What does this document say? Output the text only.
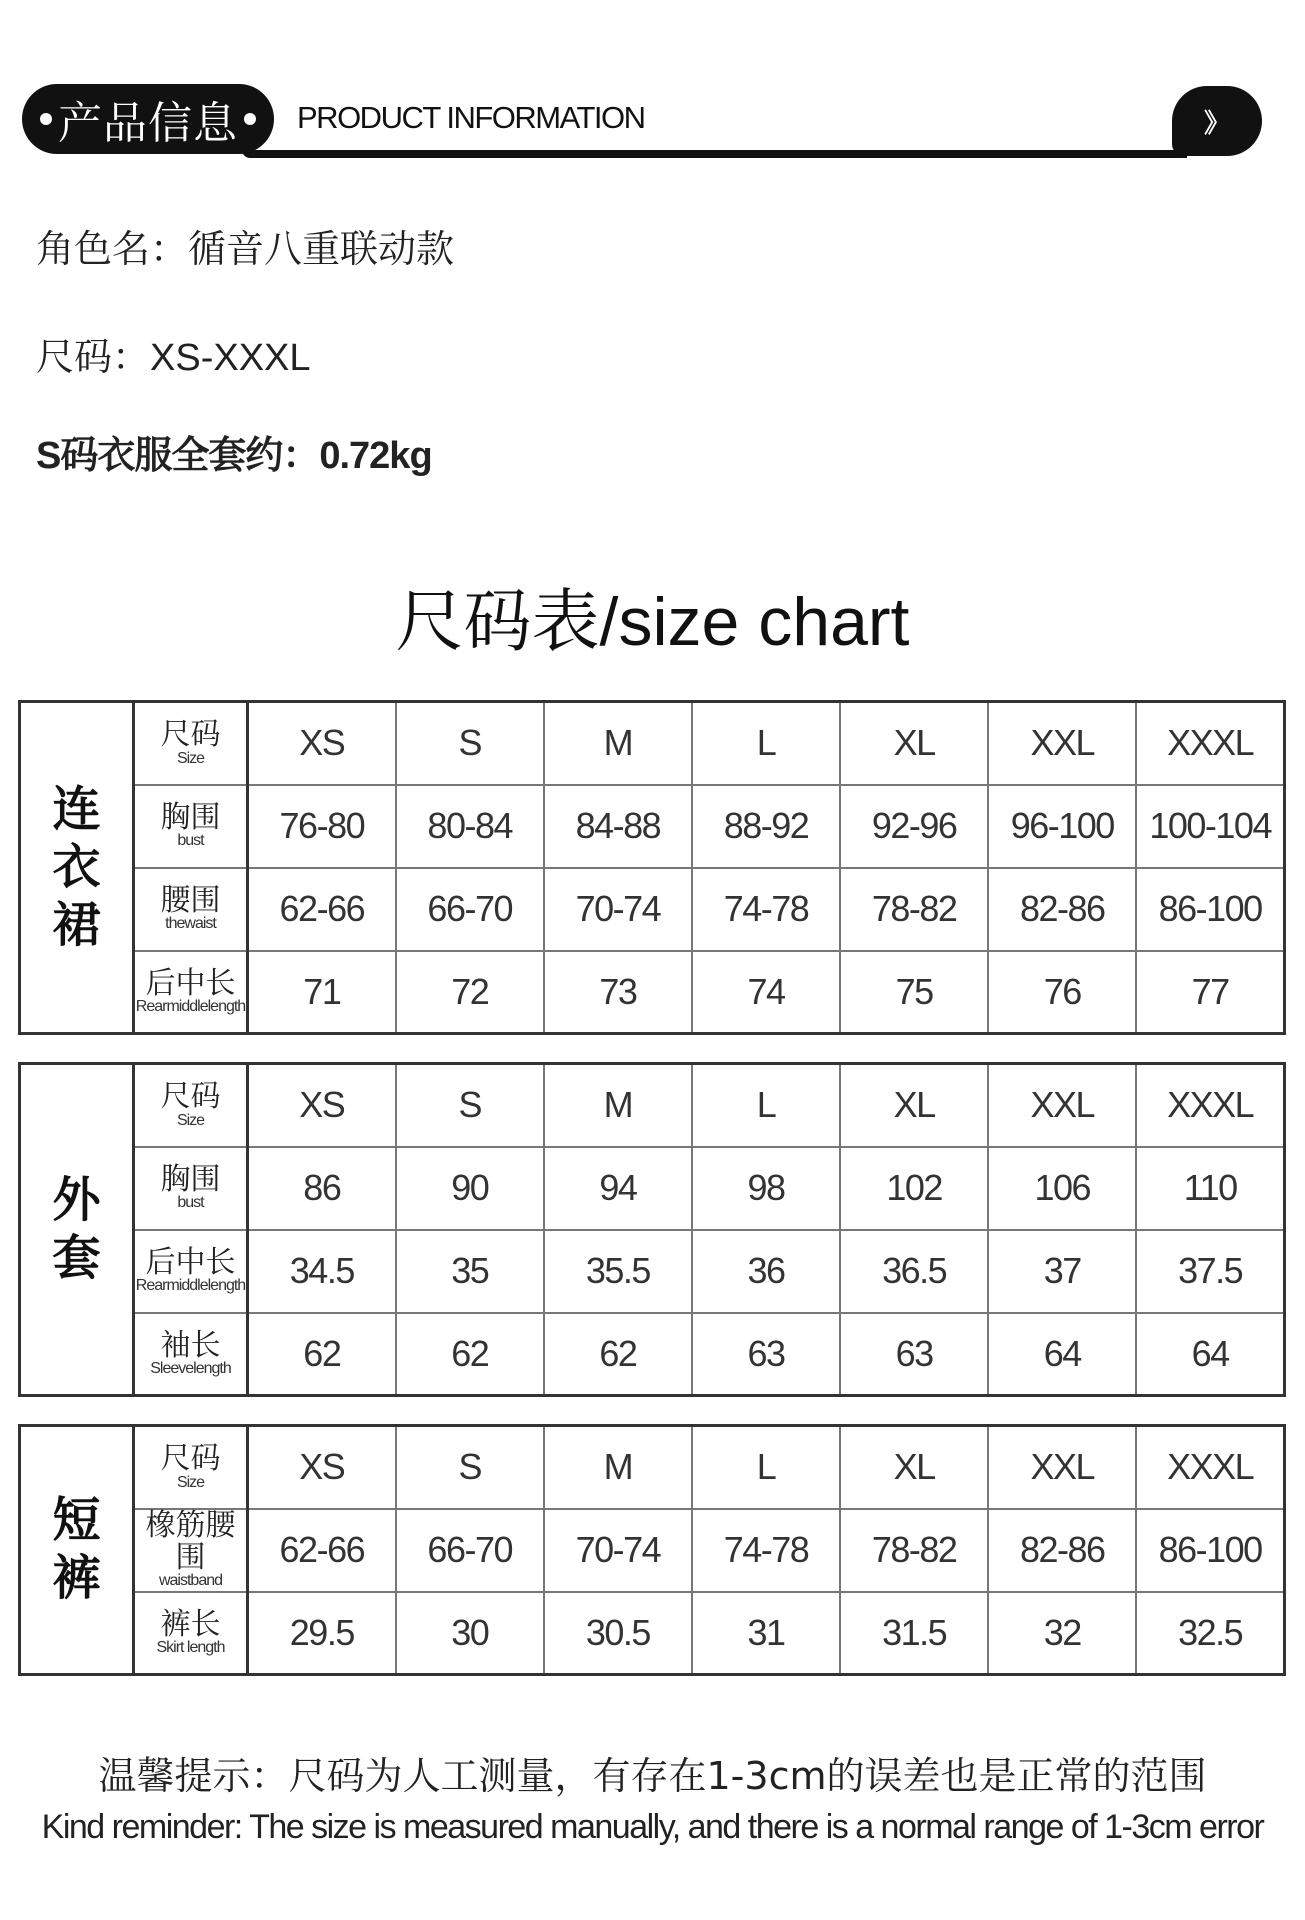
产品信息 PRODUCT INFORMATION	》
角色名：循音八重联动款
尺码：XS-XXXL
S码衣服全套约：0.72kg
尺码表/size chart
连
衣
裙	尺码
Size	XS	S	M	L	XL	XXL	XXXL

	胸围
bust	76-80	80-84	84-88	88-92	92-96	96-100	100-104

	腰围
thewaist	62-66	66-70	70-74	74-78	78-82	82-86	86-100

	后中长
Rearmiddlelength	71	72	73	74	75	76	77
外
套	尺码
Size	XS	S	M	L	XL	XXL	XXXL

	胸围
bust	86	90	94	98	102	106	110

	后中长
Rearmiddlelength	34.5	35	35.5	36	36.5	37	37.5

	袖长
Sleevelength	62	62	62	63	63	64	64
短
裤	尺码
Size	XS	S	M	L	XL	XXL	XXXL

	橡筋腰围
waistband	62-66	66-70	70-74	74-78	78-82	82-86	86-100

	裤长
Skirt length	29.5	30	30.5	31	31.5	32	32.5
温馨提示：尺码为人工测量，有存在1-3cm的误差也是正常的范围
Kind reminder: The size is measured manually, and there is a normal range of 1-3cm error
